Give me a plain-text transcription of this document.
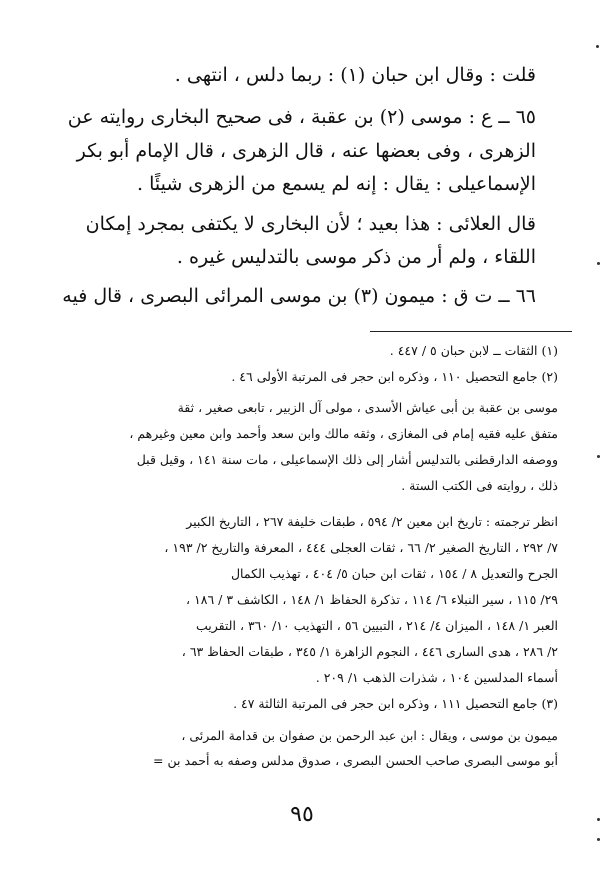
قلت : وقال ابن حبان (١) : ربما دلس ، انتهى .
٦٥ ــ ع : موسى (٢) بن عقبة ، فى صحيح البخارى روايته عن
الزهرى ، وفى بعضها عنه ، قال الزهرى ، قال الإمام أبو بكر
الإسماعيلى : يقال : إنه لم يسمع من الزهرى شيئًا .
قال العلائى : هذا بعيد ؛ لأن البخارى لا يكتفى بمجرد إمكان
اللقاء ، ولم أر من ذكر موسى بالتدليس غيره .
٦٦ ــ ت ق : ميمون (٣) بن موسى المرائى البصرى ، قال فيه
(١) الثقات ــ لابن حبان ٥ / ٤٤٧ .
(٢) جامع التحصيل ١١٠ ، وذكره ابن حجر فى المرتبة الأولى ٤٦ .
موسى بن عقبة بن أبى عياش الأسدى ، مولى آل الزبير ، تابعى صغير ، ثقة
متفق عليه فقيه إمام فى المغازى ، وثقه مالك وابن سعد وأحمد وابن معين وغيرهم ،
ووصفه الدارقطنى بالتدليس أشار إلى ذلك الإسماعيلى ، مات سنة ١٤١ ، وقيل قبل
ذلك ، روايته فى الكتب الستة .
انظر ترجمته : تاريخ ابن معين ٢/ ٥٩٤ ، طبقات خليفة ٢٦٧ ، التاريخ الكبير
٧/ ٢٩٢ ، التاريخ الصغير ٢/ ٦٦ ، ثقات العجلى ٤٤٤ ، المعرفة والتاريخ ٢/ ١٩٣ ،
الجرح والتعديل ٨ / ١٥٤ ، ثقات ابن حبان ٥/ ٤٠٤ ، تهذيب الكمال
٢٩/ ١١٥ ، سير النبلاء ٦/ ١١٤ ، تذكرة الحفاظ ١/ ١٤٨ ، الكاشف ٣ / ١٨٦ ،
العبر ١/ ١٤٨ ، الميزان ٤/ ٢١٤ ، التبيين ٥٦ ، التهذيب ١٠/ ٣٦٠ ، التقريب
٢/ ٢٨٦ ، هدى السارى ٤٤٦ ، النجوم الزاهرة ١/ ٣٤٥ ، طبقات الحفاظ ٦٣ ،
أسماء المدلسين ١٠٤ ، شذرات الذهب ١/ ٢٠٩ .
(٣) جامع التحصيل ١١١ ، وذكره ابن حجر فى المرتبة الثالثة ٤٧ .
ميمون بن موسى ، ويقال : ابن عبد الرحمن بن صفوان بن قدامة المرئى ،
أبو موسى البصرى صاحب الحسن البصرى ، صدوق مدلس وصفه به أحمد بن =
٩٥
